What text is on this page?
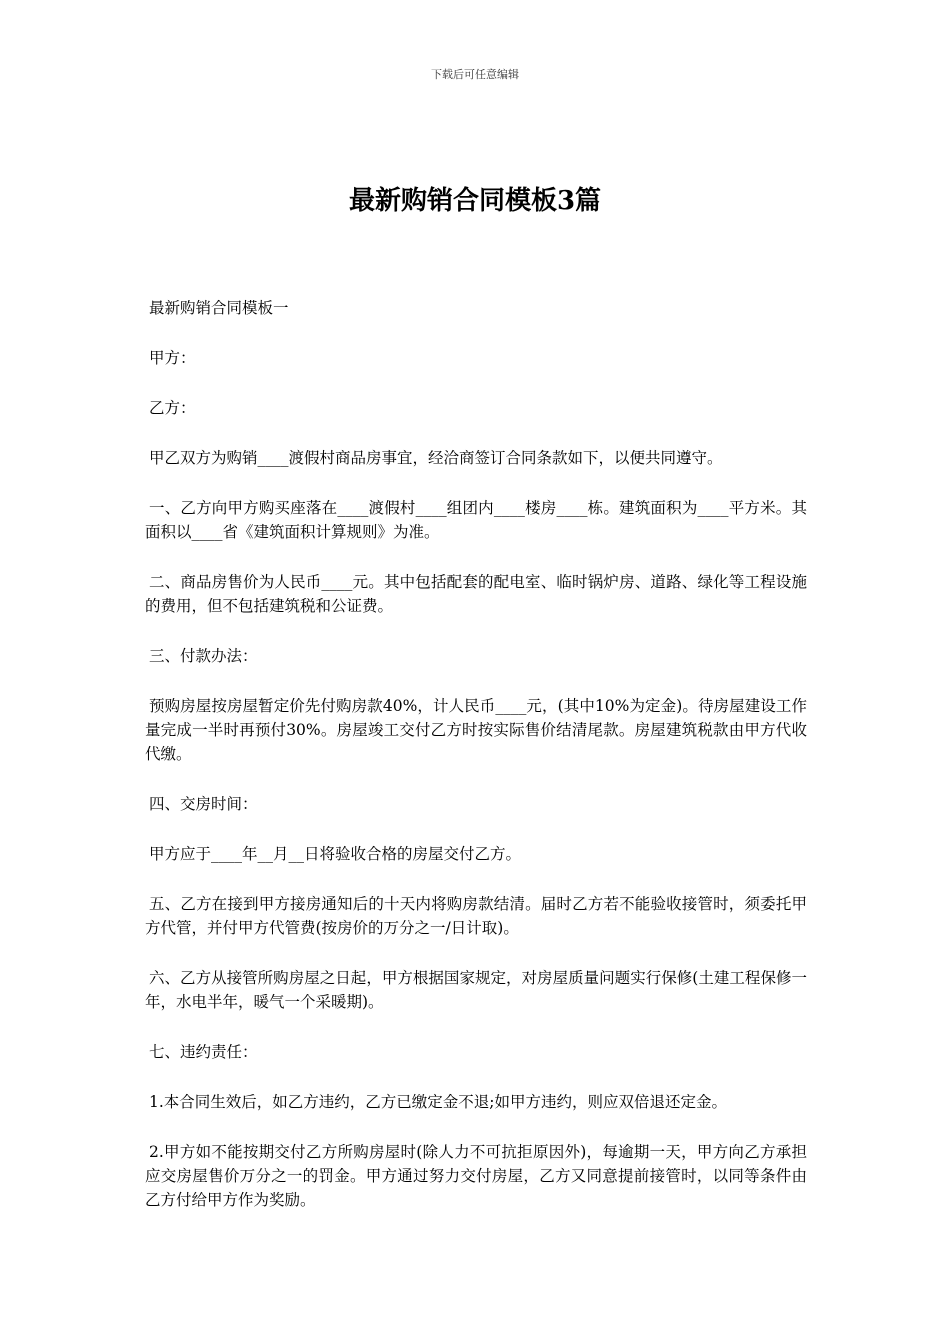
下载后可任意编辑
最新购销合同模板3篇

最新购销合同模板一

甲方：

乙方：

甲乙双方为购销____渡假村商品房事宜，经洽商签订合同条款如下，以便共同遵守。

一、乙方向甲方购买座落在____渡假村____组团内____楼房____栋。建筑面积为____平方米。其面积以____省《建筑面积计算规则》为准。

二、商品房售价为人民币____元。其中包括配套的配电室、临时锅炉房、道路、绿化等工程设施的费用，但不包括建筑税和公证费。

三、付款办法：

预购房屋按房屋暂定价先付购房款40%，计人民币____元，(其中10%为定金)。待房屋建设工作量完成一半时再预付30%。房屋竣工交付乙方时按实际售价结清尾款。房屋建筑税款由甲方代收代缴。

四、交房时间：

甲方应于____年__月__日将验收合格的房屋交付乙方。

五、乙方在接到甲方接房通知后的十天内将购房款结清。届时乙方若不能验收接管时，须委托甲方代管，并付甲方代管费(按房价的万分之一/日计取)。

六、乙方从接管所购房屋之日起，甲方根据国家规定，对房屋质量问题实行保修(土建工程保修一年，水电半年，暖气一个采暖期)。

七、违约责任：

1.本合同生效后，如乙方违约，乙方已缴定金不退;如甲方违约，则应双倍退还定金。

2.甲方如不能按期交付乙方所购房屋时(除人力不可抗拒原因外)，每逾期一天，甲方向乙方承担应交房屋售价万分之一的罚金。甲方通过努力交付房屋，乙方又同意提前接管时，以同等条件由乙方付给甲方作为奖励。
